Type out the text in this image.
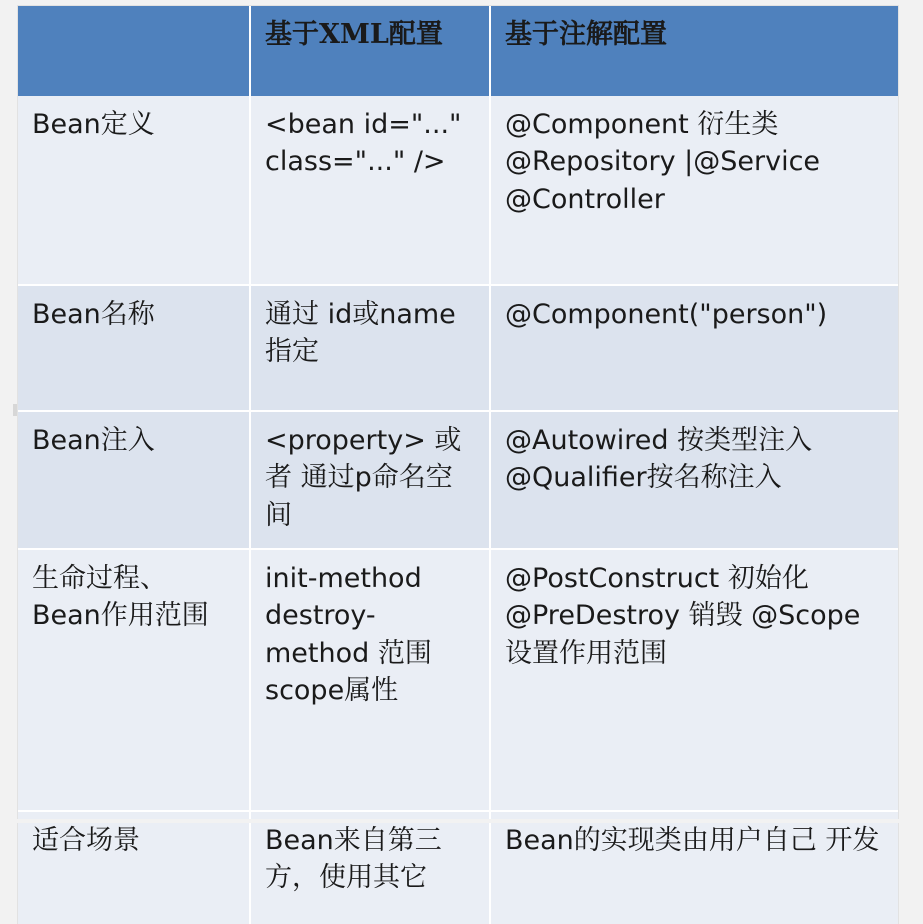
	基于XML配置	基于注解配置
Bean定义	<bean id="..." class="..." />	@Component 衍生类@Repository |@Service @Controller
Bean名称	通过 id或name 指定	@Component("person")
Bean注入	<property> 或者 通过p命名空间	@Autowired 按类型注入 @Qualifier按名称注入
生命过程、 Bean作用范围	init-method destroy-method 范围 scope属性	@PostConstruct 初始化 @PreDestroy 销毁 @Scope设置作用范围
适合场景	Bean来自第三 方，使用其它	Bean的实现类由用户自己 开发
